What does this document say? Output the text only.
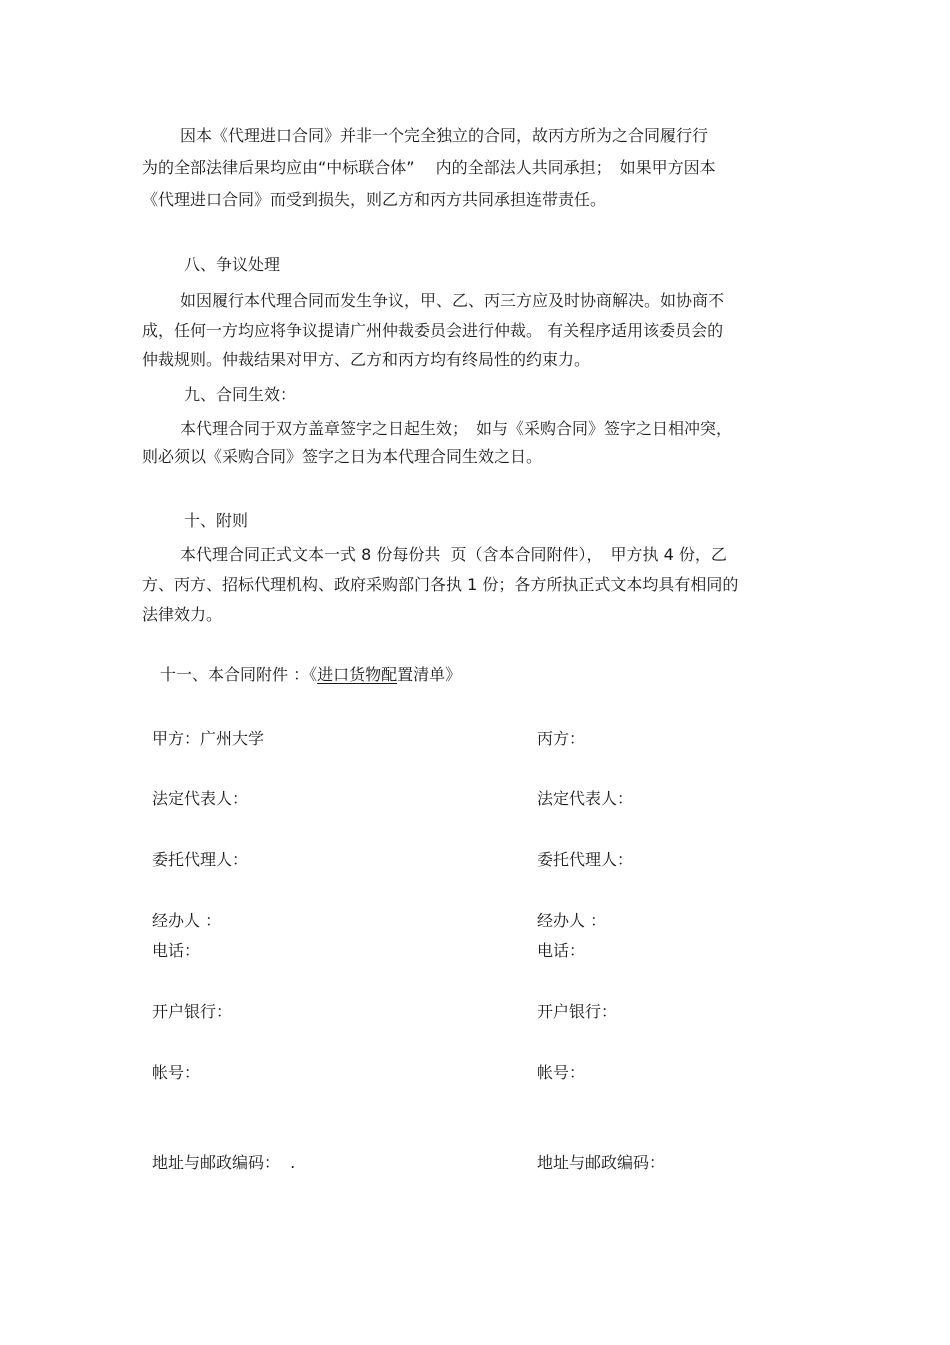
因本《代理进口合同》并非一个完全独立的合同，故丙方所为之合同履行行

为的全部法律后果均应由“中标联合体”　 内的全部法人共同承担；　如果甲方因本

《代理进口合同》而受到损失，则乙方和丙方共同承担连带责任。

八、争议处理

如因履行本代理合同而发生争议，甲、乙、丙三方应及时协商解决。如协商不

成，任何一方均应将争议提请广州仲裁委员会进行仲裁。 有关程序适用该委员会的

仲裁规则。仲裁结果对甲方、乙方和丙方均有终局性的约束力。

九、合同生效：

本代理合同于双方盖章签字之日起生效；　如与《采购合同》签字之日相冲突，

则必须以《采购合同》签字之日为本代理合同生效之日。

十、附则

本代理合同正式文本一式 8 份每份共  页（含本合同附件），　甲方执 4 份，乙

方、丙方、招标代理机构、政府采购部门各执 1 份；各方所执正式文本均具有相同的

法律效力。

十一、本合同附件 ：《进口货物配置清单》

甲方：广州大学

法定代表人：

委托代理人：

经办人 ：

电话：

开户银行：

帐号：

地址与邮政编码：  .

丙方：

法定代表人：

委托代理人：

经办人 ：

电话：

开户银行：

帐号：

地址与邮政编码：
